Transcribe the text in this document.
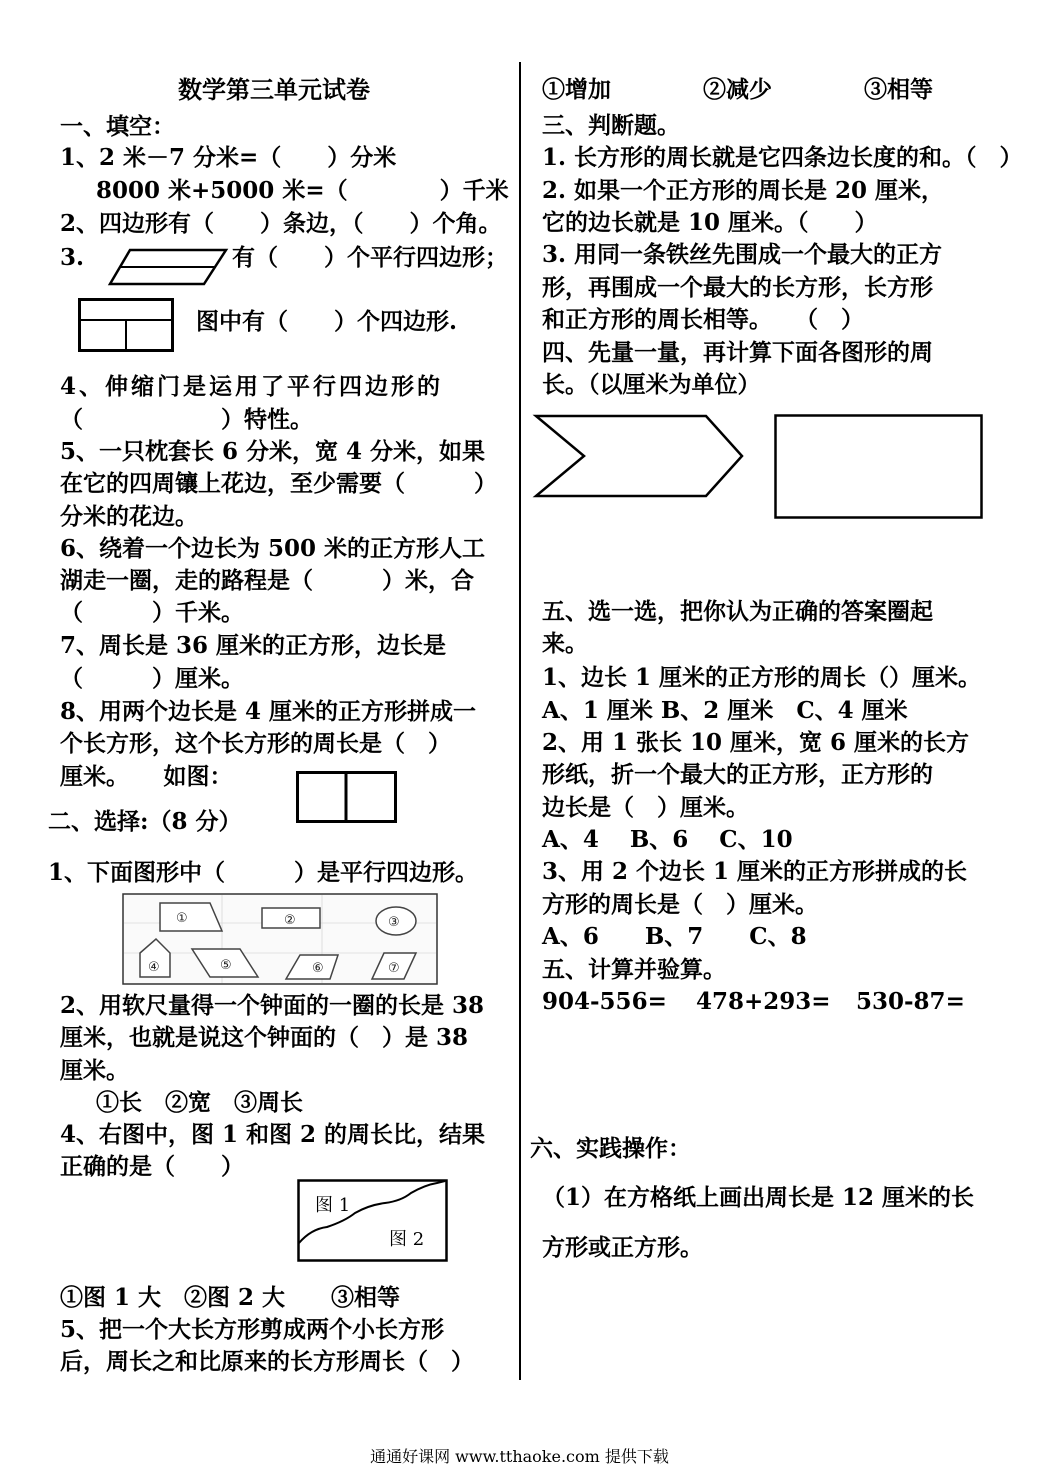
数学第三单元试卷
一、填空：
1、2 米－7 分米=（　　）分米
8000 米+5000 米=（　　　　）千米
2、四边形有（　　）条边，（　　）个角。
3.	有（　　）个平行四边形；
图中有（　　）个四边形.
4、伸缩门是运用了平行四边形的
（　　　　　　）特性。
5、一只枕套长 6 分米，宽 4 分米，如果
在它的四周镶上花边，至少需要（　　　）
分米的花边。
6、绕着一个边长为 500 米的正方形人工
湖走一圈，走的路程是（　　　）米，合
（　　　）千米。
7、周长是 36 厘米的正方形，边长是
（　　　）厘米。
8、用两个边长是 4 厘米的正方形拼成一
个长方形，这个长方形的周长是（　）
厘米。　　如图：
二、选择:（8 分）
1、下面图形中（　　　）是平行四边形。
①	②	③
④	⑤	⑥	⑦
2、用软尺量得一个钟面的一圈的长是 38
厘米，也就是说这个钟面的（　）是 38
厘米。
①长　②宽　③周长
4、右图中，图 1 和图 2 的周长比，结果
正确的是（　　）
图 1
图 2
①图 1 大　②图 2 大　　③相等
5、把一个大长方形剪成两个小长方形
后，周长之和比原来的长方形周长（　）
①增加　　　　②减少　　　　③相等
三、判断题。
1. 长方形的周长就是它四条边长度的和。（　）
2. 如果一个正方形的周长是 20 厘米，
它的边长就是 10 厘米。（　　）
3. 用同一条铁丝先围成一个最大的正方
形，再围成一个最大的长方形，长方形
和正方形的周长相等。　　（　）
四、先量一量，再计算下面各图形的周
长。（以厘米为单位）
五、选一选，把你认为正确的答案圈起
来。
1、边长 1 厘米的正方形的周长（）厘米。
A、1 厘米 B、2 厘米　C、4 厘米
2、用 1 张长 10 厘米，宽 6 厘米的长方
形纸，折一个最大的正方形，正方形的
边长是（　）厘米。
A、4　 B、6　 C、10
3、用 2 个边长 1 厘米的正方形拼成的长
方形的周长是（　）厘米。
A、6　　B、7　　C、8
五、计算并验算。
904-556= 478+293= 530-87=
六、实践操作：
（1）在方格纸上画出周长是 12 厘米的长
方形或正方形。
通通好课网 www.tthaoke.com 提供下载
